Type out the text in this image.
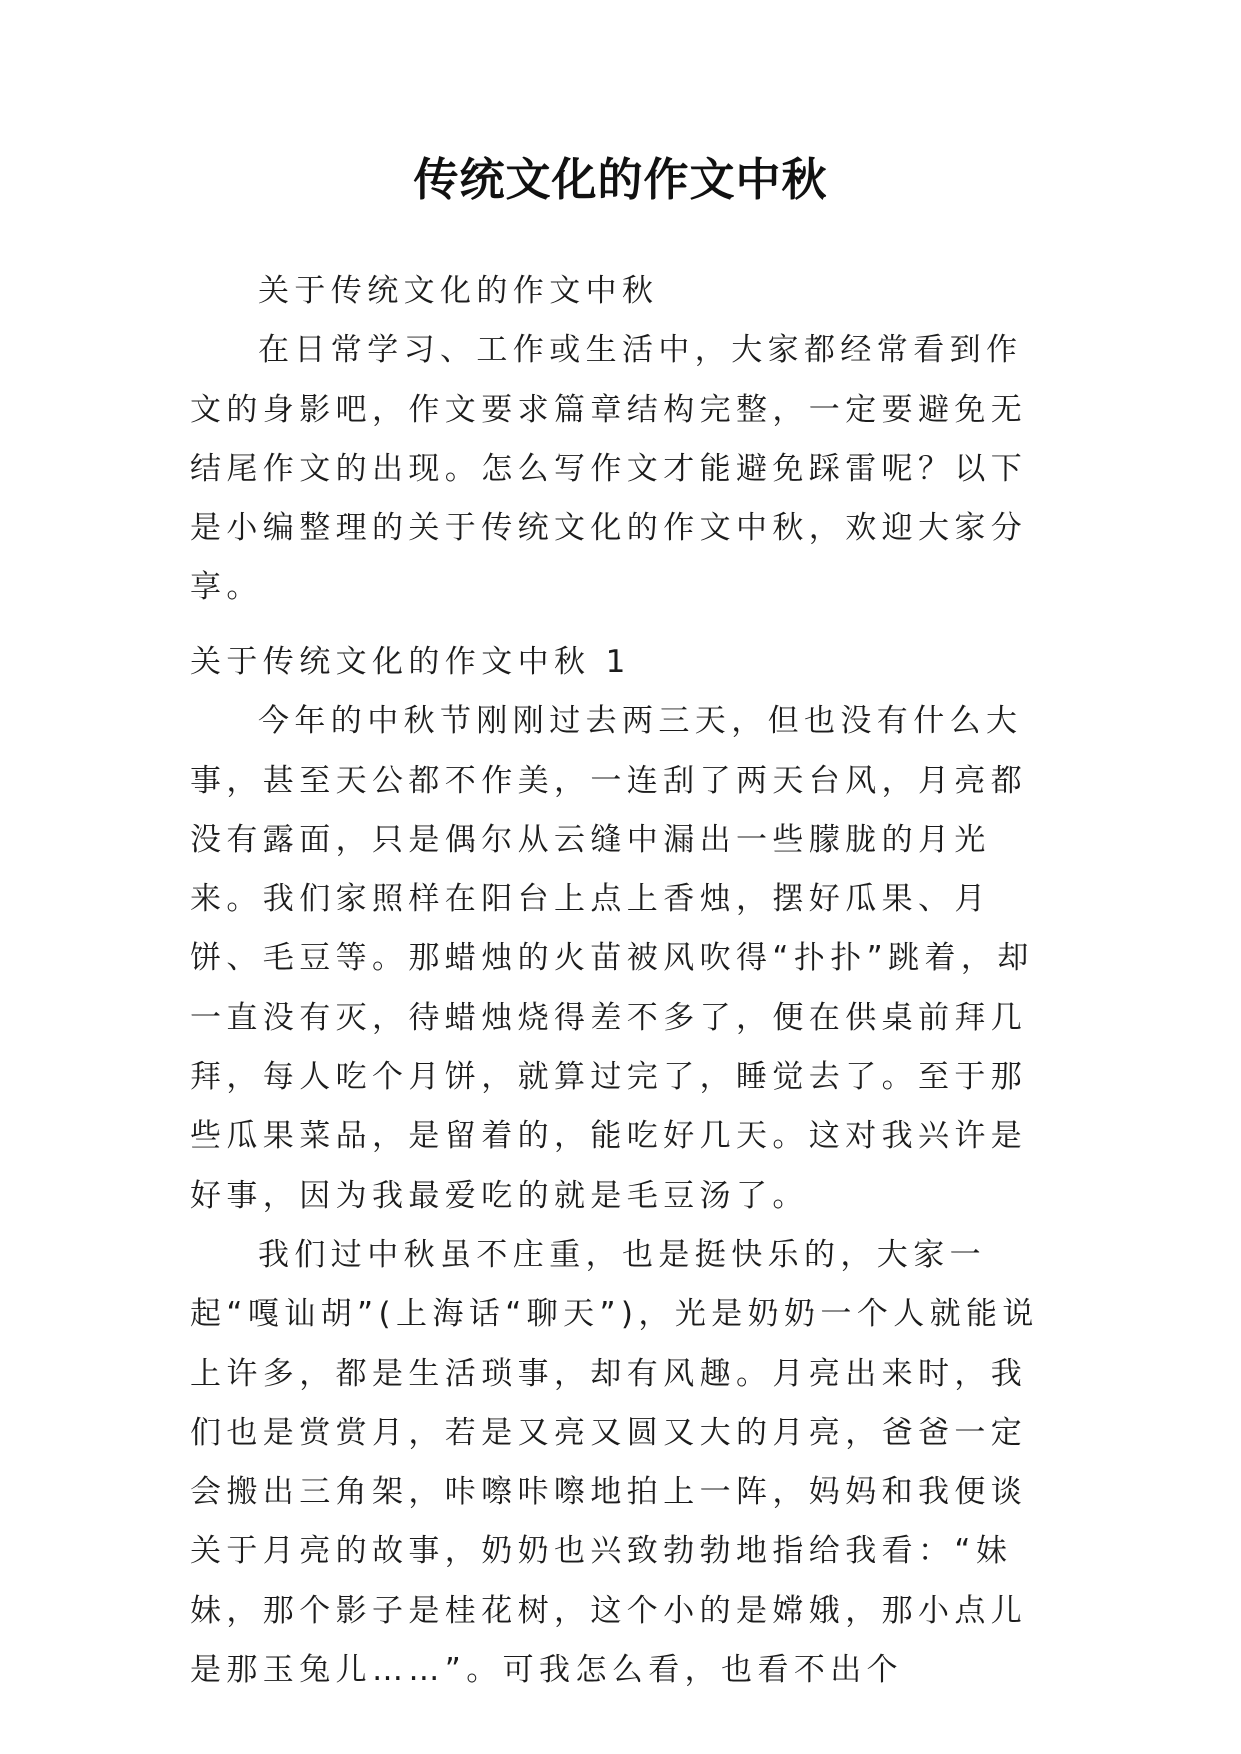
传统文化的作文中秋

关于传统文化的作文中秋

在日常学习、工作或生活中，大家都经常看到作文的身影吧，作文要求篇章结构完整，一定要避免无结尾作文的出现。怎么写作文才能避免踩雷呢？以下是小编整理的关于传统文化的作文中秋，欢迎大家分享。

关于传统文化的作文中秋 1

今年的中秋节刚刚过去两三天，但也没有什么大事，甚至天公都不作美，一连刮了两天台风，月亮都没有露面，只是偶尔从云缝中漏出一些朦胧的月光来。我们家照样在阳台上点上香烛，摆好瓜果、月饼、毛豆等。那蜡烛的火苗被风吹得“扑扑”跳着，却一直没有灭，待蜡烛烧得差不多了，便在供桌前拜几拜，每人吃个月饼，就算过完了，睡觉去了。至于那些瓜果菜品，是留着的，能吃好几天。这对我兴许是好事，因为我最爱吃的就是毛豆汤了。

我们过中秋虽不庄重，也是挺快乐的，大家一起“嘎讪胡”(上海话“聊天”)，光是奶奶一个人就能说上许多，都是生活琐事，却有风趣。月亮出来时，我们也是赏赏月，若是又亮又圆又大的月亮，爸爸一定会搬出三角架，咔嚓咔嚓地拍上一阵，妈妈和我便谈关于月亮的故事，奶奶也兴致勃勃地指给我看：“妹妹，那个影子是桂花树，这个小的是嫦娥，那小点儿是那玉兔儿……”。可我怎么看，也看不出个
